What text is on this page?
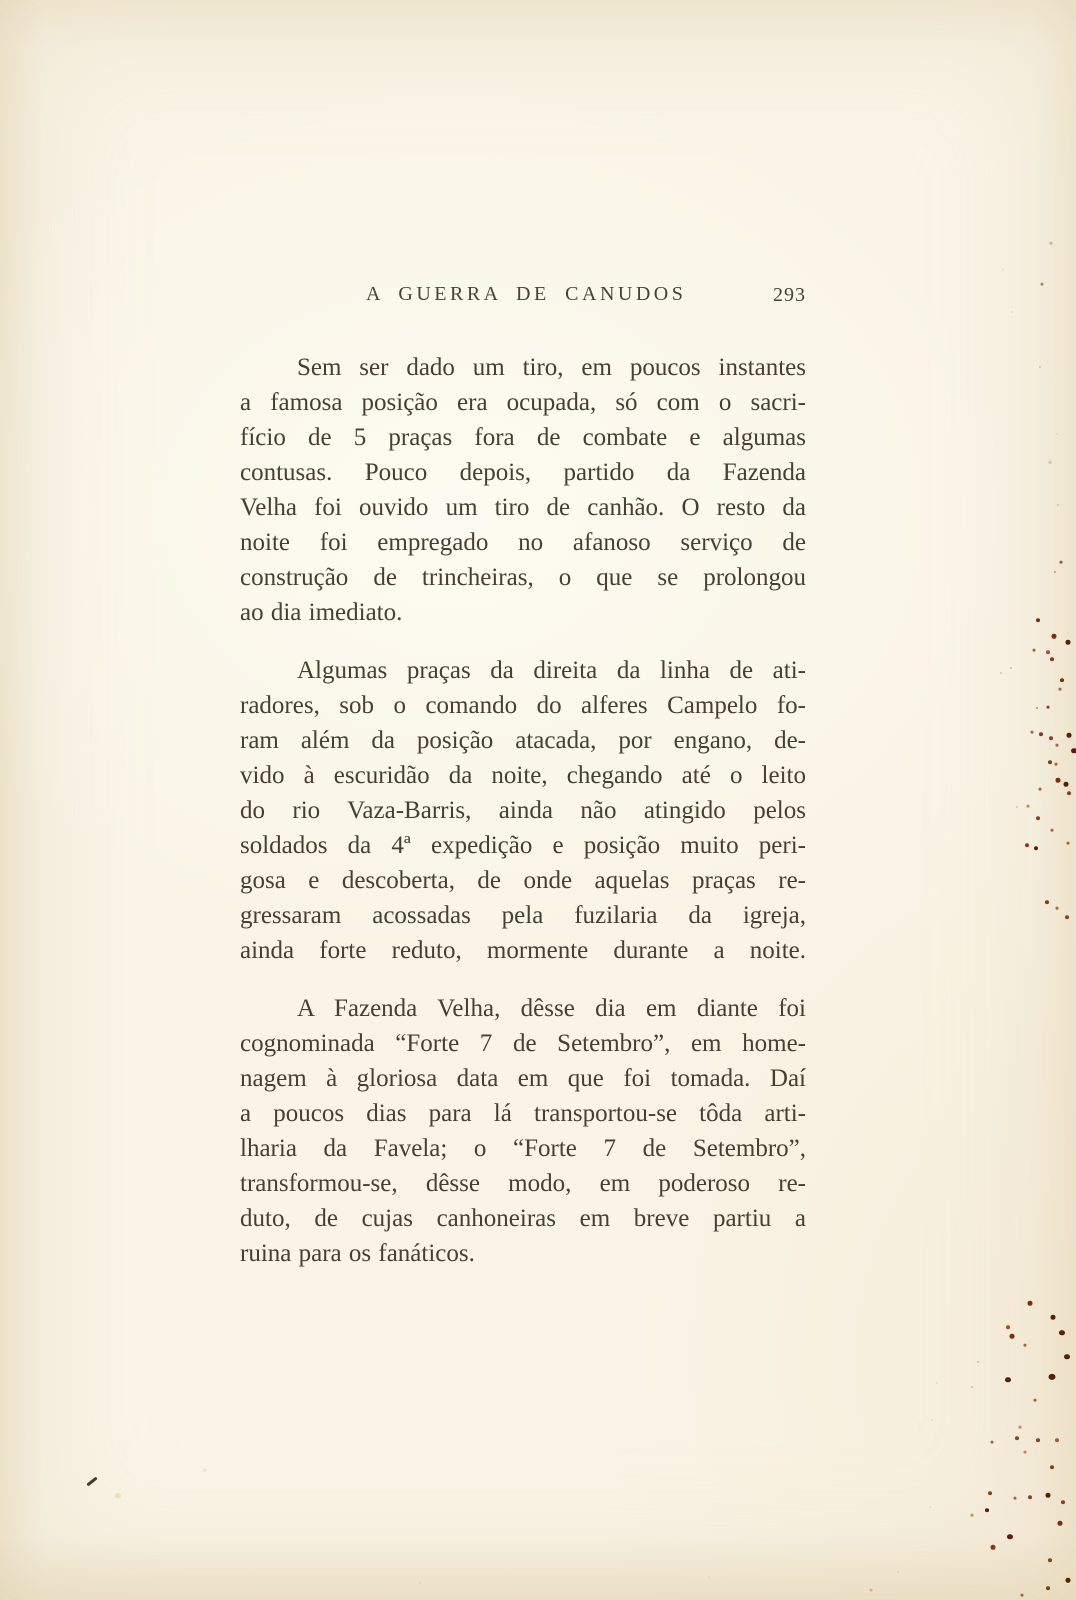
A GUERRA DE CANUDOS	293
Sem ser dado um tiro, em poucos instantes
a famosa posição era ocupada, só com o sacri-
fício de 5 praças fora de combate e algumas
contusas. Pouco depois, partido da Fazenda
Velha foi ouvido um tiro de canhão. O resto da
noite foi empregado no afanoso serviço de
construção de trincheiras, o que se prolongou
ao dia imediato.
Algumas praças da direita da linha de ati-
radores, sob o comando do alferes Campelo fo-
ram além da posição atacada, por engano, de-
vido à escuridão da noite, chegando até o leito
do rio Vaza-Barris, ainda não atingido pelos
soldados da 4ª expedição e posição muito peri-
gosa e descoberta, de onde aquelas praças re-
gressaram acossadas pela fuzilaria da igreja,
ainda forte reduto, mormente durante a noite.
A Fazenda Velha, dêsse dia em diante foi
cognominada “Forte 7 de Setembro”, em home-
nagem à gloriosa data em que foi tomada. Daí
a poucos dias para lá transportou-se tôda arti-
lharia da Favela; o “Forte 7 de Setembro”,
transformou-se, dêsse modo, em poderoso re-
duto, de cujas canhoneiras em breve partiu a
ruina para os fanáticos.
